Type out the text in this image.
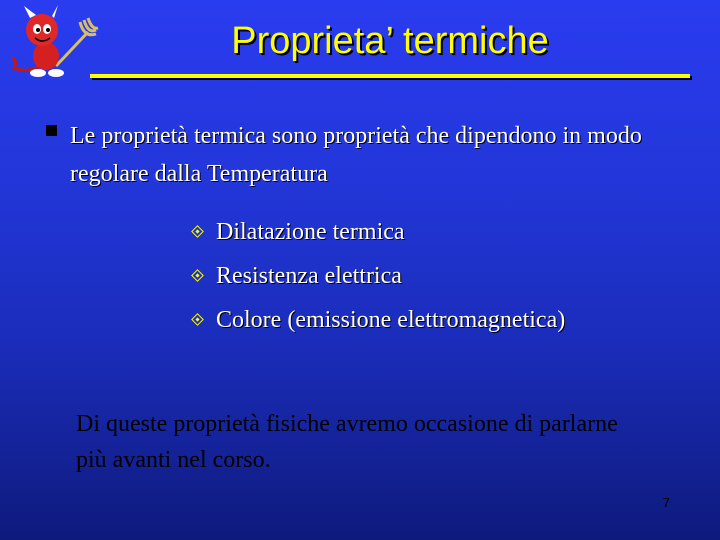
Proprieta’ termiche
Le proprietà termica sono proprietà che dipendono in modo regolare dalla Temperatura
Dilatazione termica
Resistenza elettrica
Colore (emissione elettromagnetica)
Di queste proprietà fisiche avremo occasione di parlarne più avanti nel corso.
7
